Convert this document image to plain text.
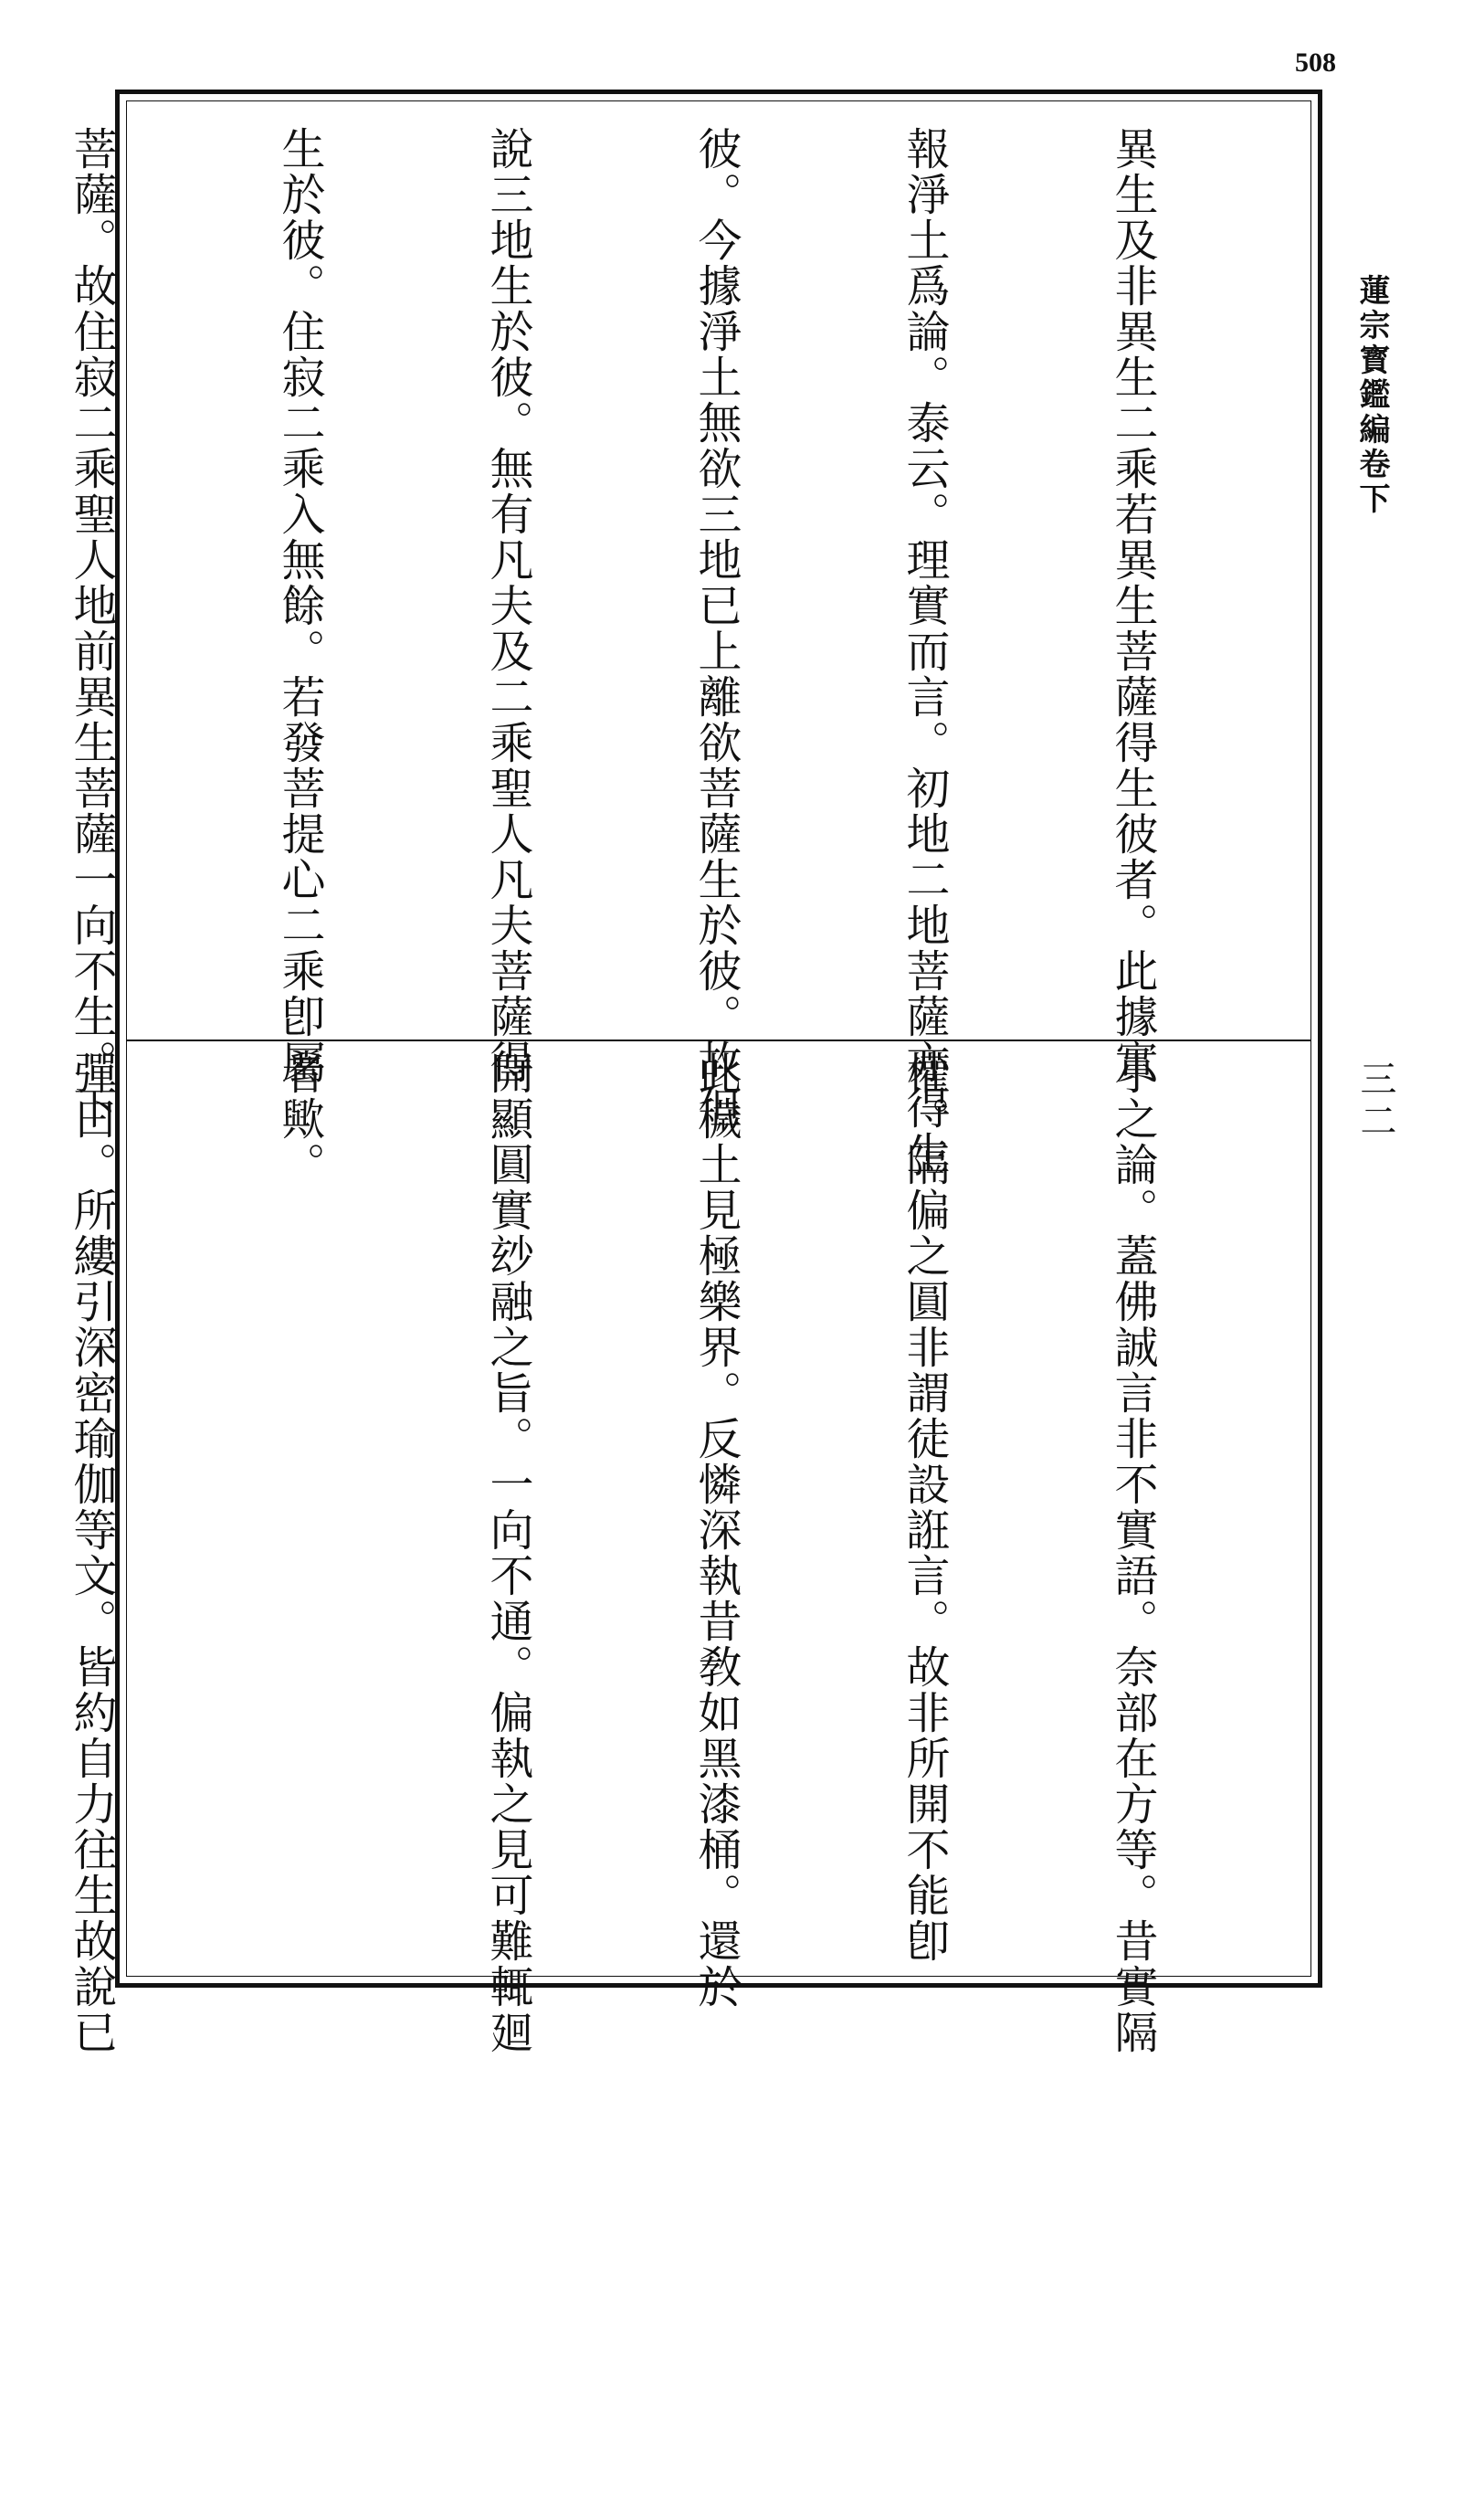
508
蓮宗寳鑑編卷下
三二

異生及非異生二乘若異生菩薩得生彼者。此據實

報淨土爲論。泰云。理實而言。初地二地菩薩亦得生

彼。今據淨土無欲三地已上離欲菩薩生於彼。故但

說三地生於彼。無有凡夫及二乘聖人凡夫菩薩得

生於彼。住寂二乘入無餘。若發菩提心二乘卽屬

菩薩。故住寂二乘聖人地前異生菩薩一向不生。下

小之論。蓋佛誠言非不實語。奈部在方等。昔實隔

權。隔偏之圓非謂徒設誑言。故非所開不能卽

此穢土見極樂界。反憐深執昔敎如黑漆桶。還於

開顯圓實玅融之旨。一向不通。偏執之見可難輒廻

者歟。

彈曰。所縷引深密瑜伽等文。皆約自力往生故說已
